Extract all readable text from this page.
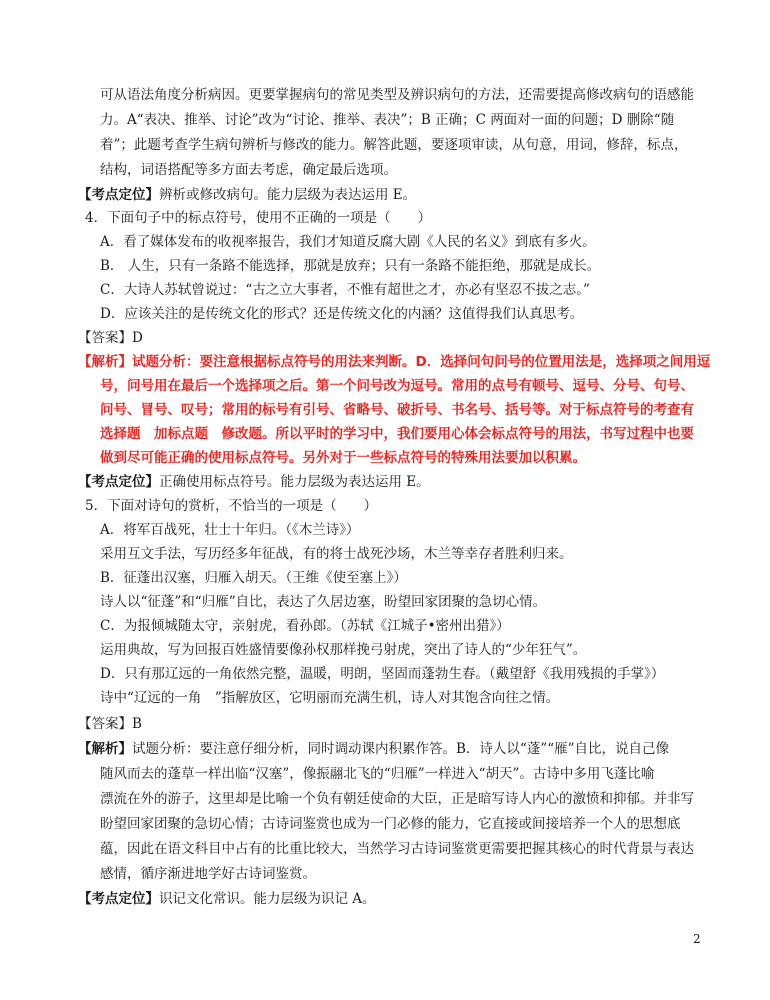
可从语法角度分析病因。更要掌握病句的常见类型及辨识病句的方法，还需要提高修改病句的语感能
力。A“表决、推举、讨论”改为“讨论、推举、表决”；B 正确；C 两面对一面的问题；D 删除“随
着”；此题考查学生病句辨析与修改的能力。解答此题，要逐项审读，从句意，用词，修辞，标点，
结构，词语搭配等多方面去考虑，确定最后选项。
【考点定位】辨析或修改病句。能力层级为表达运用 E。
4．下面句子中的标点符号，使用不正确的一项是（　　）
A．看了媒体发布的收视率报告，我们才知道反腐大剧《人民的名义》到底有多火。
B． 人生，只有一条路不能选择，那就是放弃；只有一条路不能拒绝，那就是成长。
C．大诗人苏轼曾说过：“古之立大事者，不惟有超世之才，亦必有坚忍不拔之志。”
D．应该关注的是传统文化的形式？还是传统文化的内涵？这值得我们认真思考。
【答案】D
【解析】试题分析：要注意根据标点符号的用法来判断。D．选择问句问号的位置用法是，选择项之间用逗
号，问号用在最后一个选择项之后。第一个问号改为逗号。常用的点号有顿号、逗号、分号、句号、
问号、冒号、叹号；常用的标号有引号、省略号、破折号、书名号、括号等。对于标点符号的考查有
选择题　加标点题　修改题。所以平时的学习中，我们要用心体会标点符号的用法，书写过程中也要
做到尽可能正确的使用标点符号。另外对于一些标点符号的特殊用法要加以积累。
【考点定位】正确使用标点符号。能力层级为表达运用 E。
5．下面对诗句的赏析，不恰当的一项是（　　）
A．将军百战死，壮士十年归。（《木兰诗》）
采用互文手法，写历经多年征战，有的将士战死沙场，木兰等幸存者胜利归来。
B．征蓬出汉塞，归雁入胡天。（王维《使至塞上》）
诗人以“征蓬”和“归雁”自比，表达了久居边塞，盼望回家团聚的急切心情。
C．为报倾城随太守，亲射虎，看孙郎。（苏轼《江城子•密州出猎》）
运用典故，写为回报百姓盛情要像孙权那样挽弓射虎，突出了诗人的“少年狂气”。
D．只有那辽远的一角依然完整，温暖，明朗，坚固而蓬勃生春。（戴望舒《我用残损的手掌》）
诗中“辽远的一角　”指解放区，它明丽而充满生机，诗人对其饱含向往之情。
【答案】B
【解析】试题分析：要注意仔细分析，同时调动课内积累作答。B．诗人以“蓬”“雁”自比，说自己像
随风而去的蓬草一样出临“汉塞”，像振翮北飞的“归雁”一样进入“胡天”。古诗中多用飞蓬比喻
漂流在外的游子，这里却是比喻一个负有朝廷使命的大臣，正是暗写诗人内心的激愤和抑郁。并非写
盼望回家团聚的急切心情；古诗词鉴赏也成为一门必修的能力，它直接或间接培养一个人的思想底
蕴，因此在语文科目中占有的比重比较大，当然学习古诗词鉴赏更需要把握其核心的时代背景与表达
感情，循序渐进地学好古诗词鉴赏。
【考点定位】识记文化常识。能力层级为识记 A。
2
